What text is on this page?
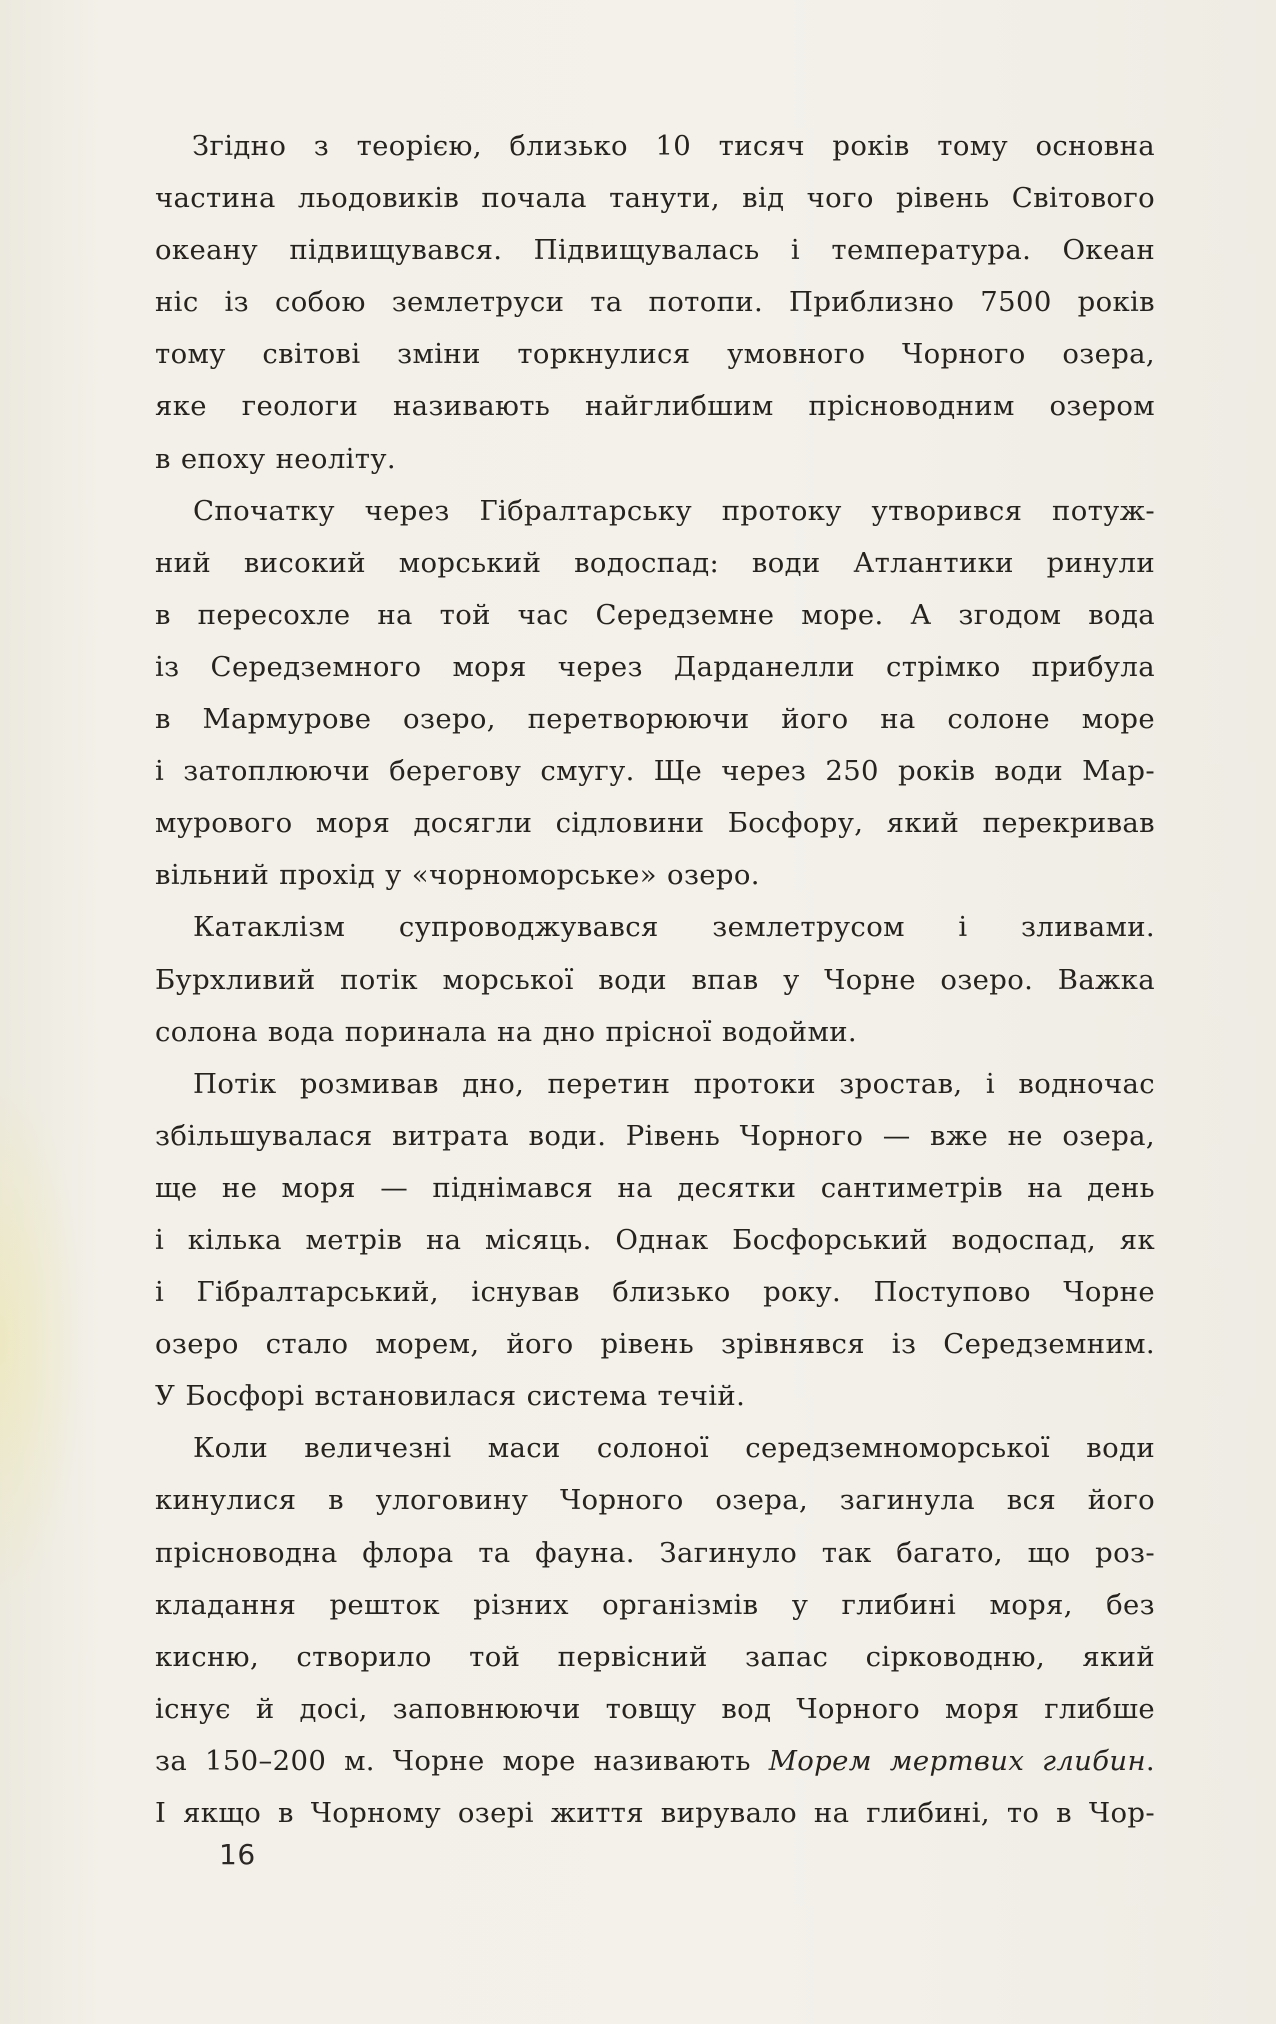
Згідно з теорією, близько 10 тисяч років тому основна
частина льодовиків почала танути, від чого рівень Світового
океану підвищувався. Підвищувалась і температура. Океан
ніс із собою землетруси та потопи. Приблизно 7500 років
тому світові зміни торкнулися умовного Чорного озера,
яке геологи називають найглибшим прісноводним озером
в епоху неоліту.

Спочатку через Гібралтарську протоку утворився потуж-
ний високий морський водоспад: води Атлантики ринули
в пересохле на той час Середземне море. А згодом вода
із Середземного моря через Дарданелли стрімко прибула
в Мармурове озеро, перетворюючи його на солоне море
і затоплюючи берегову смугу. Ще через 250 років води Мар-
мурового моря досягли сідловини Босфору, який перекривав
вільний прохід у «чорноморське» озеро.

Катаклізм супроводжувався землетрусом і зливами.
Бурхливий потік морської води впав у Чорне озеро. Важка
солона вода поринала на дно прісної водойми.

Потік розмивав дно, перетин протоки зростав, і водночас
збільшувалася витрата води. Рівень Чорного — вже не озера,
ще не моря — піднімався на десятки сантиметрів на день
і кілька метрів на місяць. Однак Босфорський водоспад, як
і Гібралтарський, існував близько року. Поступово Чорне
озеро стало морем, його рівень зрівнявся із Середземним.
У Босфорі встановилася система течій.

Коли величезні маси солоної середземноморської води
кинулися в улоговину Чорного озера, загинула вся його
прісноводна флора та фауна. Загинуло так багато, що роз-
кладання решток різних організмів у глибині моря, без
кисню, створило той первісний запас сірководню, який
існує й досі, заповнюючи товщу вод Чорного моря глибше
за 150–200 м. Чорне море називають Морем мертвих глибин.
І якщо в Чорному озері життя вирувало на глибині, то в Чор-

16
